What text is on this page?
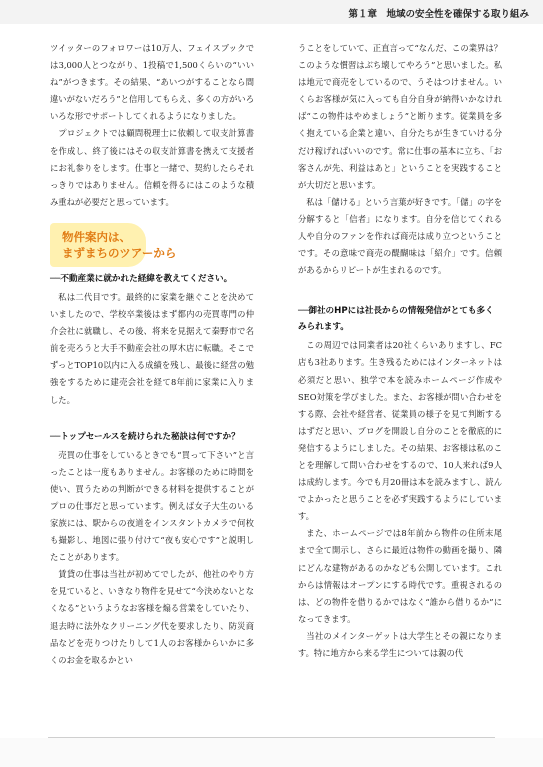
第１章　地域の安全性を確保する取り組み

ツイッターのフォロワーは10万人、フェイスブックでは3,000人とつながり、1投稿で1,500くらいの“いいね”がつきます。その結果、“あいつがすることなら間違いがないだろう”と信用してもらえ、多くの方がいろいろな形でサポートしてくれるようになりました。

プロジェクトでは顧問税理士に依頼して収支計算書を作成し、終了後にはその収支計算書を携えて支援者にお礼参りをします。仕事と一緒で、契約したらそれっきりではありません。信頼を得るにはこのような積み重ねが必要だと思っています。

物件案内は、
まずまちのツアーから
──不動産業に就かれた経緯を教えてください。

私は二代目です。最終的に家業を継ぐことを決めていましたので、学校卒業後はまず都内の売買専門の仲介会社に就職し、その後、将来を見据えて秦野市で名前を売ろうと大手不動産会社の厚木店に転職。そこでずっとTOP10以内に入る成績を残し、最後に経営の勉強をするために建売会社を経て8年前に家業に入りました。

──トップセールスを続けられた秘訣は何ですか？

売買の仕事をしているときでも“買って下さい”と言ったことは一度もありません。お客様のために時間を使い、買うための判断ができる材料を提供することがプロの仕事だと思っています。例えば女子大生のいる家族には、駅からの夜道をインスタントカメラで何枚も撮影し、地図に張り付けて“夜も安心です”と説明したことがあります。

賃貸の仕事は当社が初めてでしたが、他社のやり方を見ていると、いきなり物件を見せて“今決めないとなくなる”というようなお客様を煽る営業をしていたり、退去時に法外なクリーニング代を要求したり、防災商品などを売りつけたりして1人のお客様からいかに多くのお金を取るかとい

うことをしていて、正直言って“なんだ、この業界は？　このような慣習はぶち壊してやろう”と思いました。私は地元で商売をしているので、うそはつけません。いくらお客様が気に入っても自分自身が納得いかなければ“この物件はやめましょう”と断ります。従業員を多く抱えている企業と違い、自分たちが生きていける分だけ稼げればいいのです。常に仕事の基本に立ち、「お客さんが先、利益はあと」ということを実践することが大切だと思います。

私は「儲ける」という言葉が好きです。「儲」の字を分解すると「信者」になります。自分を信じてくれる人や自分のファンを作れば商売は成り立つということです。その意味で商売の醍醐味は「紹介」です。信頼があるからリピートが生まれるのです。

──御社のHPには社長からの情報発信がとても多くみられます。

この周辺では同業者は20社くらいありますし、FC店も3社あります。生き残るためにはインターネットは必須だと思い、独学で本を読みホームページ作成やSEO対策を学びました。また、お客様が問い合わせをする際、会社や経営者、従業員の様子を見て判断するはずだと思い、ブログを開設し自分のことを徹底的に発信するようにしました。その結果、お客様は私のことを理解して問い合わせをするので、10人来れば9人は成約します。今でも月20冊は本を読みますし、読んでよかったと思うことを必ず実践するようにしています。

また、ホームページでは8年前から物件の住所末尾まで全て開示し、さらに最近は物件の動画を撮り、隣にどんな建物があるのかなども公開しています。これからは情報はオープンにする時代です。重視されるのは、どの物件を借りるかではなく“誰から借りるか”になってきます。

当社のメインターゲットは大学生とその親になります。特に地方から来る学生については親の代
